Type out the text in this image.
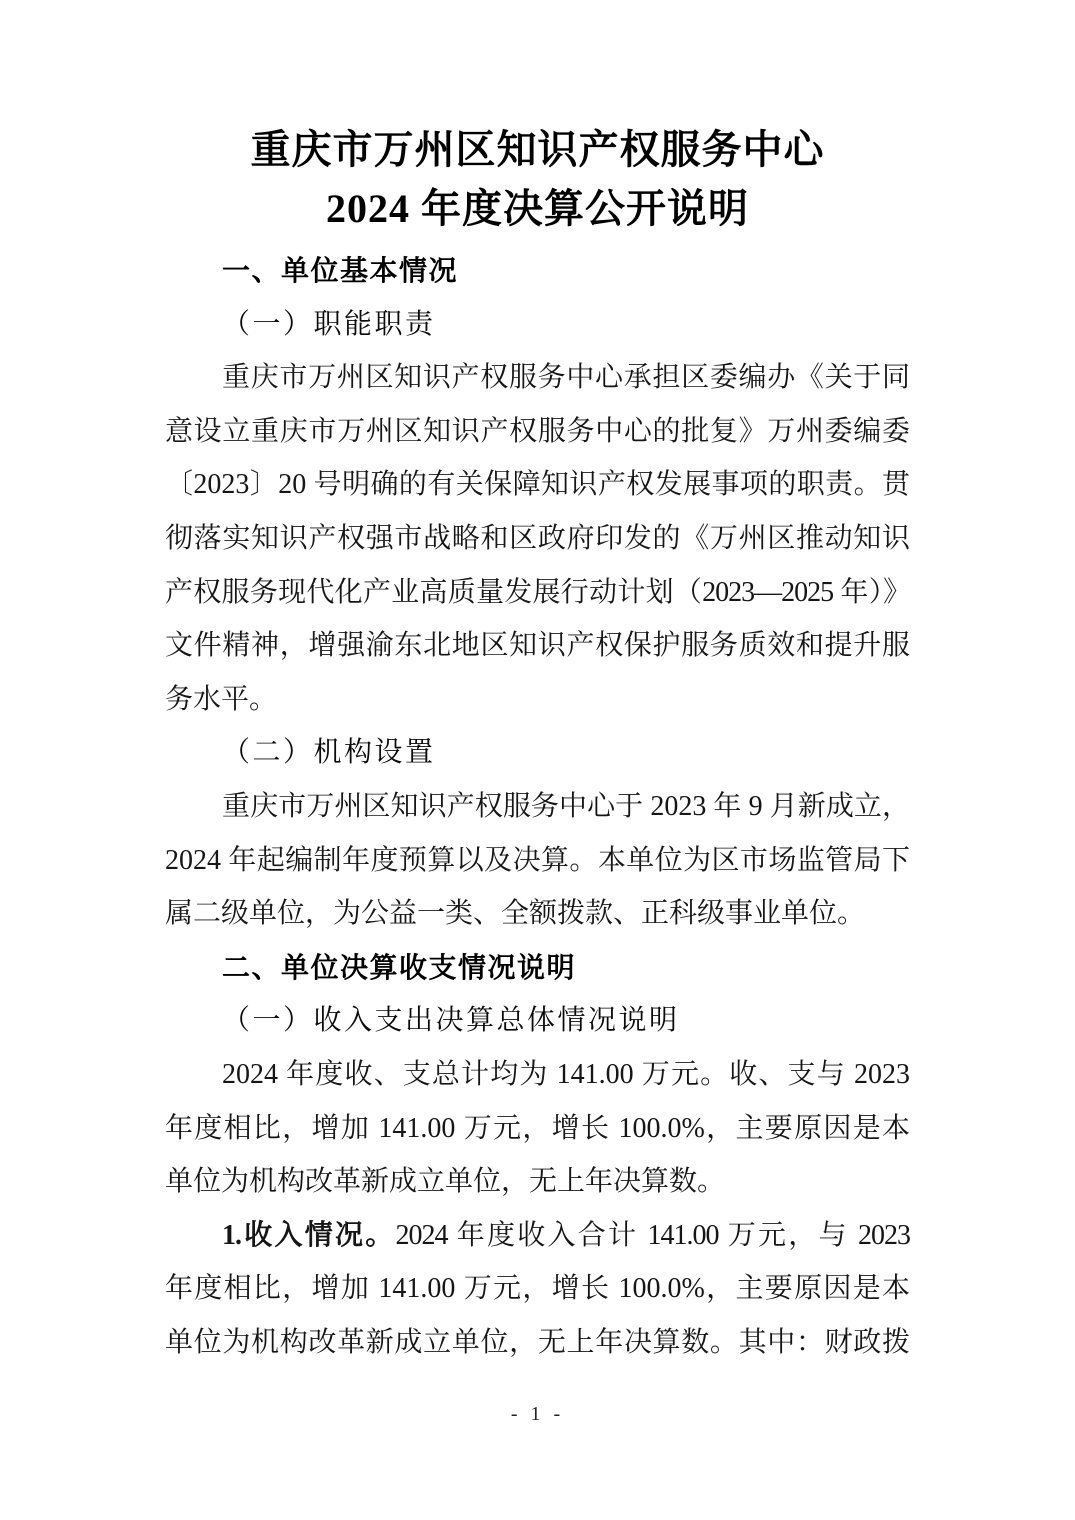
重庆市万州区知识产权服务中心
2024 年度决算公开说明
一、单位基本情况
（一）职能职责
重庆市万州区知识产权服务中心承担区委编办《关于同
意设立重庆市万州区知识产权服务中心的批复》万州委编委
〔2023〕20 号明确的有关保障知识产权发展事项的职责。贯
彻落实知识产权强市战略和区政府印发的《万州区推动知识
产权服务现代化产业高质量发展行动计划（2023—2025 年）》
文件精神，增强渝东北地区知识产权保护服务质效和提升服
务水平。
（二）机构设置
重庆市万州区知识产权服务中心于 2023 年 9 月新成立，
2024 年起编制年度预算以及决算。本单位为区市场监管局下
属二级单位，为公益一类、全额拨款、正科级事业单位。
二、单位决算收支情况说明
（一）收入支出决算总体情况说明
2024 年度收、支总计均为 141.00 万元。收、支与 2023
年度相比，增加 141.00 万元，增长 100.0%，主要原因是本
单位为机构改革新成立单位，无上年决算数。
1.收入情况。2024 年度收入合计 141.00 万元，与 2023
年度相比，增加 141.00 万元，增长 100.0%，主要原因是本
单位为机构改革新成立单位，无上年决算数。其中：财政拨
- 1 -
